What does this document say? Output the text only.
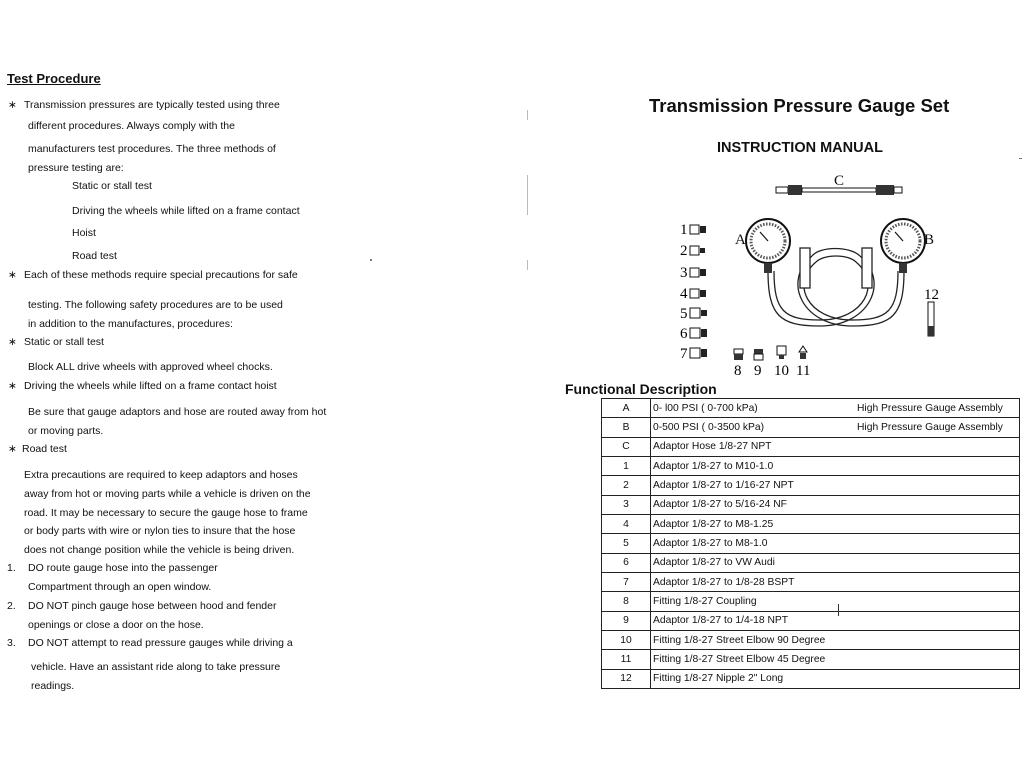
Test Procedure
∗ Transmission pressures are typically tested using three
different procedures. Always comply with the
manufacturers test procedures. The three methods of
pressure testing are:
Static or stall test
Driving the wheels while lifted on a frame contact
Hoist
Road test
∗ Each of these methods require special precautions for safe
testing. The following safety procedures are to be used
in addition to the manufactures, procedures:
∗ Static or stall test
Block ALL drive wheels with approved wheel chocks.
∗ Driving the wheels while lifted on a frame contact hoist
Be sure that gauge adaptors and hose are routed away from hot
or moving parts.
∗ Road test
Extra precautions are required to keep adaptors and hoses
away from hot or moving parts while a vehicle is driven on the
road. It may be necessary to secure the gauge hose to frame
or body parts with wire or nylon ties to insure that the hose
does not change position while the vehicle is being driven.
1. DO route gauge hose into the passenger
Compartment through an open window.
2. DO NOT pinch gauge hose between hood and fender
openings or close a door on the hose.
3. DO NOT attempt to read pressure gauges while driving a
vehicle. Have an assistant ride along to take pressure
readings.
Transmission Pressure Gauge Set
INSTRUCTION MANUAL
C
A	B
1
2
3
4
5
6
7
8 9 10 11
12
Functional Description
A	0- l00 PSI ( 0-700 kPa)	High Pressure Gauge Assembly
B	0-500 PSI ( 0-3500 kPa)	High Pressure Gauge Assembly
C	Adaptor Hose 1/8-27 NPT	
1	Adaptor 1/8-27 to M10-1.0	
2	Adaptor 1/8-27 to 1/16-27 NPT	
3	Adaptor 1/8-27 to 5/16-24 NF	
4	Adaptor 1/8-27 to M8-1.25	
5	Adaptor 1/8-27 to M8-1.0	
6	Adaptor 1/8-27 to VW Audi	
7	Adaptor 1/8-27 to 1/8-28 BSPT	
8	Fitting 1/8-27 Coupling	
9	Adaptor 1/8-27 to 1/4-18 NPT	
10	Fitting 1/8-27 Street Elbow 90 Degree	
11	Fitting 1/8-27 Street Elbow 45 Degree	
12	Fitting 1/8-27 Nipple 2" Long	
